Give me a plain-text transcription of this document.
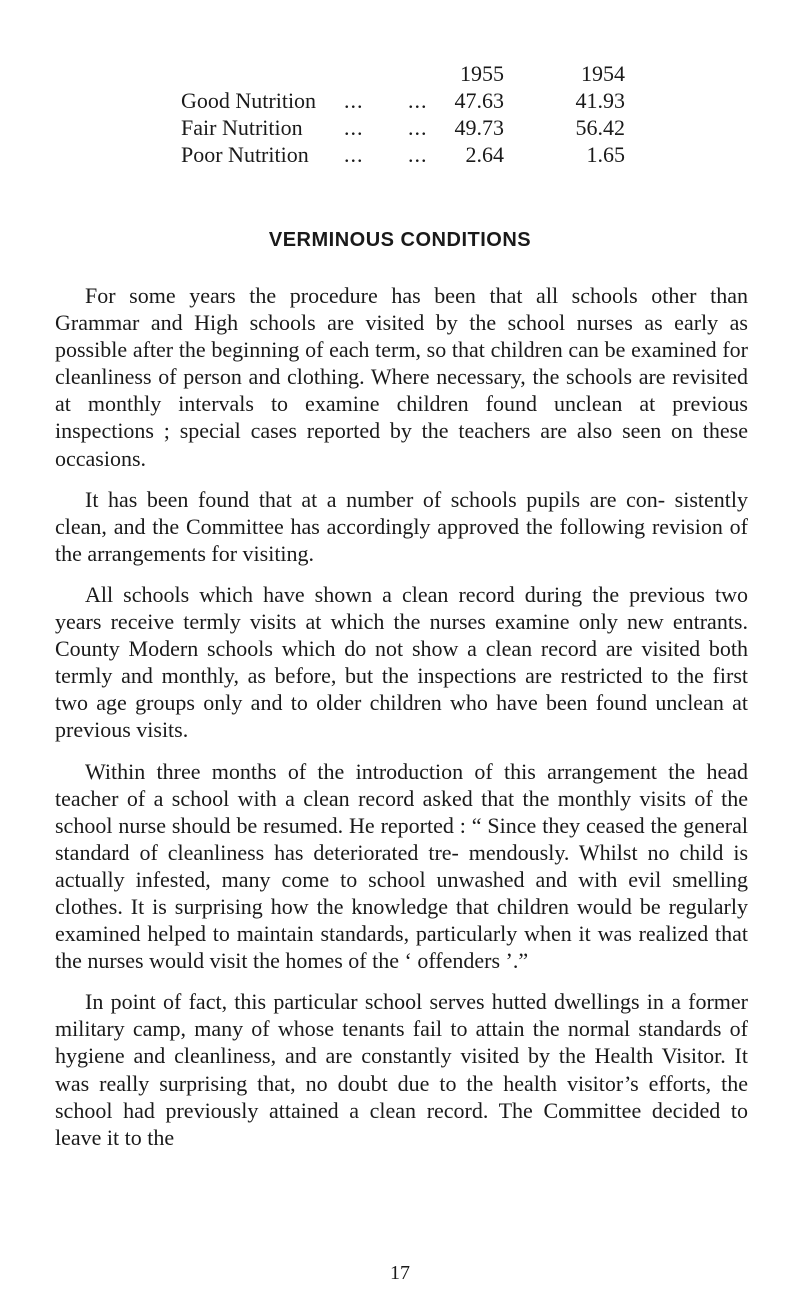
1955	1954
Good Nutrition ... ... 47.63	41.93
Fair Nutrition ... ... 49.73	56.42
Poor Nutrition ... ... 2.64	1.65
VERMINOUS CONDITIONS

For some years the procedure has been that all schools other than Grammar and High schools are visited by the school nurses as early as possible after the beginning of each term, so that children can be examined for cleanliness of person and clothing. Where necessary, the schools are revisited at monthly intervals to examine children found unclean at previous inspections ; special cases reported by the teachers are also seen on these occasions.

It has been found that at a number of schools pupils are con- sistently clean, and the Committee has accordingly approved the following revision of the arrangements for visiting.

All schools which have shown a clean record during the previous two years receive termly visits at which the nurses examine only new entrants. County Modern schools which do not show a clean record are visited both termly and monthly, as before, but the inspections are restricted to the first two age groups only and to older children who have been found unclean at previous visits.

Within three months of the introduction of this arrangement the head teacher of a school with a clean record asked that the monthly visits of the school nurse should be resumed. He reported : “ Since they ceased the general standard of cleanliness has deteriorated tre- mendously. Whilst no child is actually infested, many come to school unwashed and with evil smelling clothes. It is surprising how the knowledge that children would be regularly examined helped to maintain standards, particularly when it was realized that the nurses would visit the homes of the ‘ offenders ’.”

In point of fact, this particular school serves hutted dwellings in a former military camp, many of whose tenants fail to attain the normal standards of hygiene and cleanliness, and are constantly visited by the Health Visitor. It was really surprising that, no doubt due to the health visitor’s efforts, the school had previously attained a clean record. The Committee decided to leave it to the

17
